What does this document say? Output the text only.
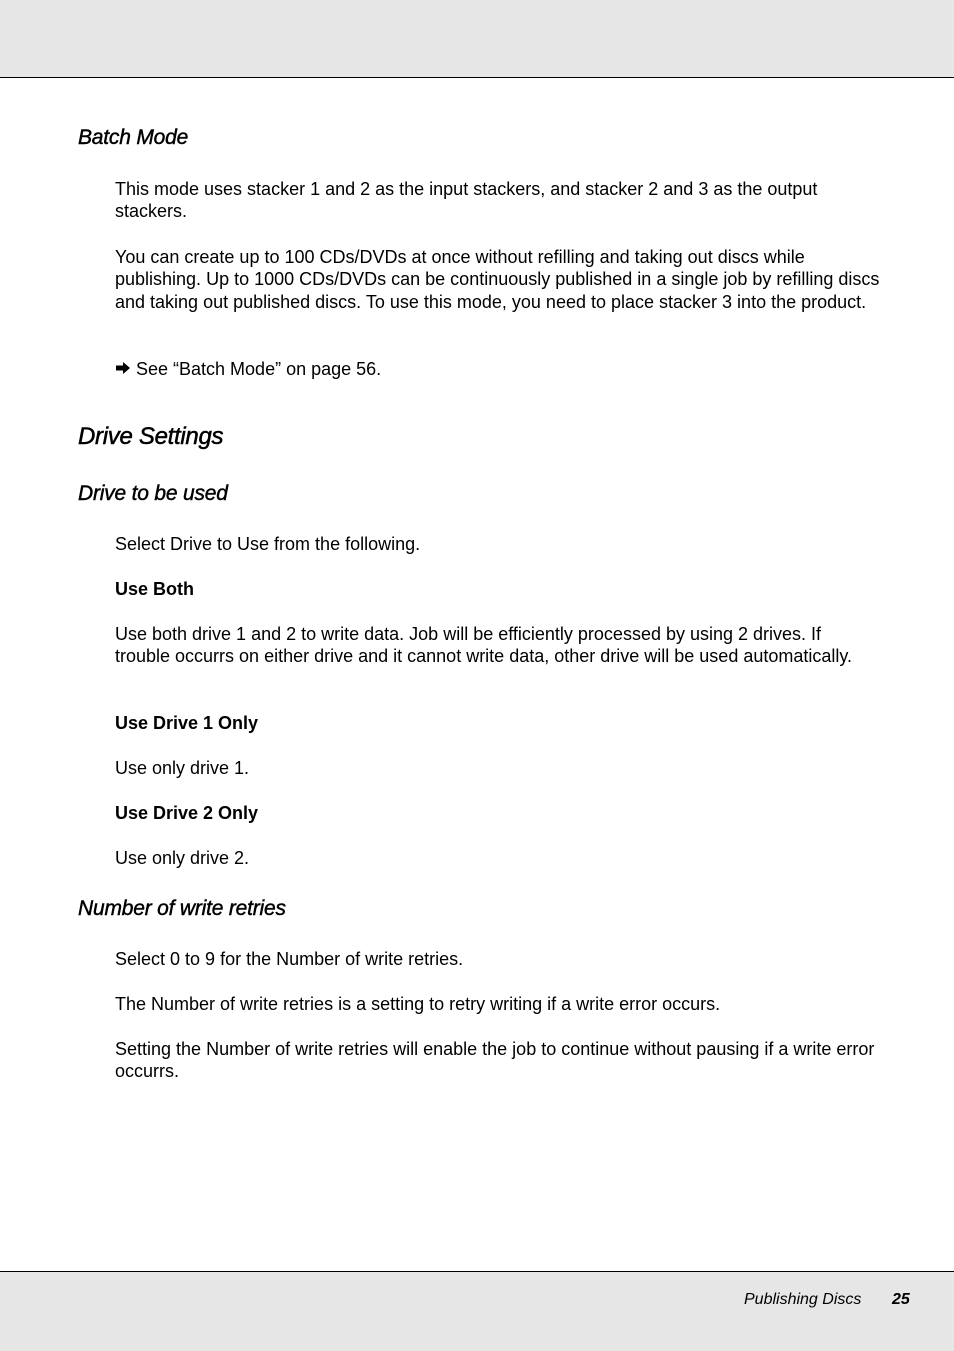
Batch Mode

This mode uses stacker 1 and 2 as the input stackers, and stacker 2 and 3 as the output stackers.

You can create up to 100 CDs/DVDs at once without refilling and taking out discs while publishing. Up to 1000 CDs/DVDs can be continuously published in a single job by refilling discs and taking out published discs. To use this mode, you need to place stacker 3 into the product.

See “Batch Mode” on page 56.

Drive Settings
Drive to be used

Select Drive to Use from the following.

Use Both

Use both drive 1 and 2 to write data. Job will be efficiently processed by using 2 drives. If trouble occurrs on either drive and it cannot write data, other drive will be used automatically.

Use Drive 1 Only

Use only drive 1.

Use Drive 2 Only

Use only drive 2.

Number of write retries

Select 0 to 9 for the Number of write retries.

The Number of write retries is a setting to retry writing if a write error occurs.

Setting the Number of write retries will enable the job to continue without pausing if a write error occurrs.

Publishing Discs 25
